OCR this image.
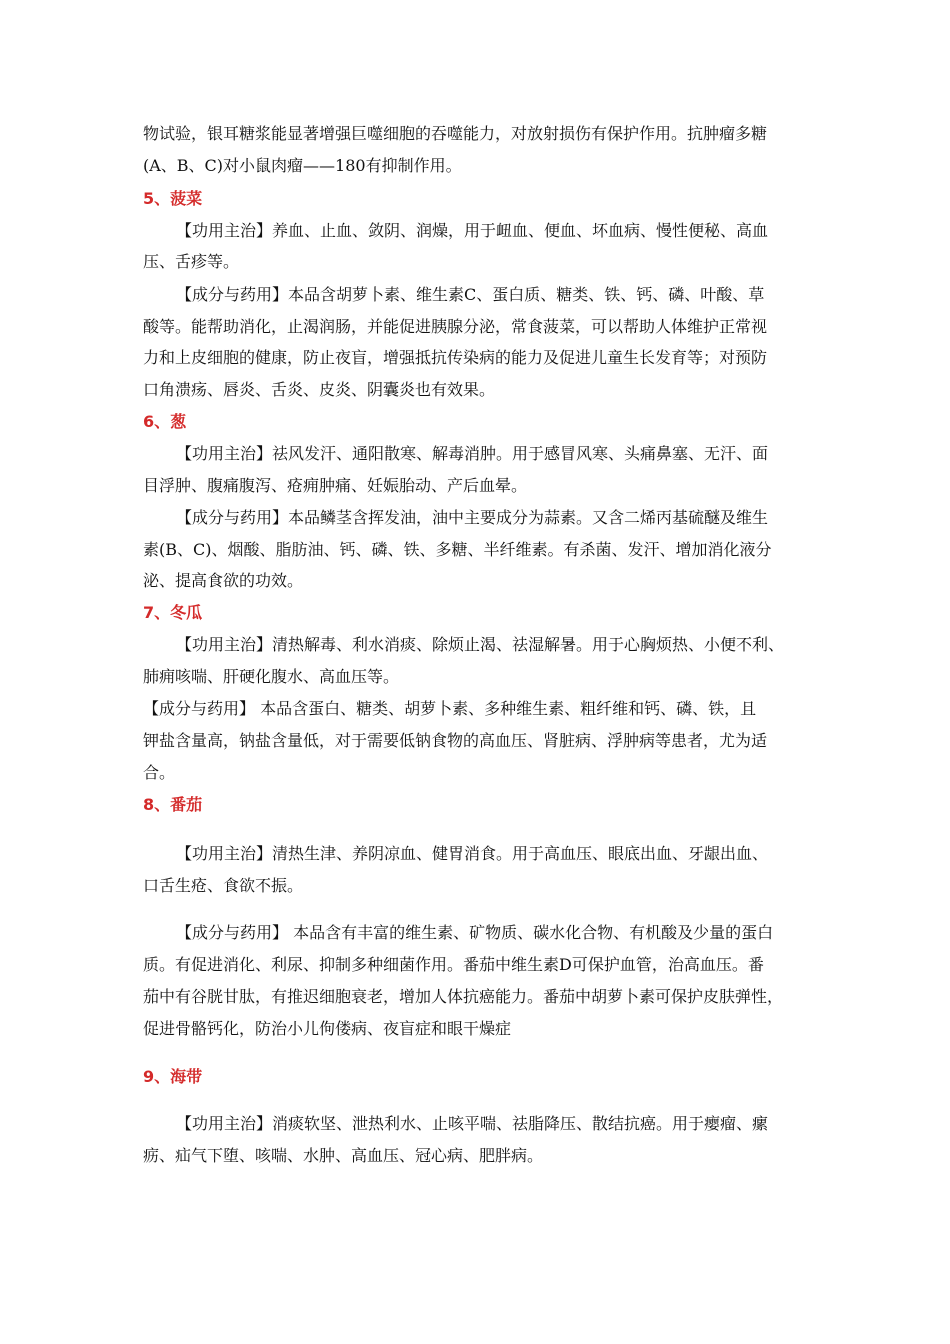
物试验，银耳糖浆能显著增强巨噬细胞的吞噬能力，对放射损伤有保护作用。抗肿瘤多糖
(A、B、C)对小鼠肉瘤——180有抑制作用。
5、菠菜
【功用主治】养血、止血、敛阴、润燥，用于衄血、便血、坏血病、慢性便秘、高血
压、舌疹等。
【成分与药用】本品含胡萝卜素、维生素C、蛋白质、糖类、铁、钙、磷、叶酸、草
酸等。能帮助消化，止渴润肠，并能促进胰腺分泌，常食菠菜，可以帮助人体维护正常视
力和上皮细胞的健康，防止夜盲，增强抵抗传染病的能力及促进儿童生长发育等；对预防
口角溃疡、唇炎、舌炎、皮炎、阴囊炎也有效果。
6、葱
【功用主治】祛风发汗、通阳散寒、解毒消肿。用于感冒风寒、头痛鼻塞、无汗、面
目浮肿、腹痛腹泻、疮痈肿痛、妊娠胎动、产后血晕。
【成分与药用】本品鳞茎含挥发油，油中主要成分为蒜素。又含二烯丙基硫醚及维生
素(B、C)、烟酸、脂肪油、钙、磷、铁、多糖、半纤维素。有杀菌、发汗、增加消化液分
泌、提高食欲的功效。
7、冬瓜
【功用主治】清热解毒、利水消痰、除烦止渴、祛湿解暑。用于心胸烦热、小便不利、
肺痈咳喘、肝硬化腹水、高血压等。
【成分与药用】 本品含蛋白、糖类、胡萝卜素、多种维生素、粗纤维和钙、磷、铁，且
钾盐含量高，钠盐含量低，对于需要低钠食物的高血压、肾脏病、浮肿病等患者，尤为适
合。
8、番茄
【功用主治】清热生津、养阴凉血、健胃消食。用于高血压、眼底出血、牙龈出血、
口舌生疮、食欲不振。
【成分与药用】 本品含有丰富的维生素、矿物质、碳水化合物、有机酸及少量的蛋白
质。有促进消化、利尿、抑制多种细菌作用。番茄中维生素D可保护血管，治高血压。番
茄中有谷胱甘肽，有推迟细胞衰老，增加人体抗癌能力。番茄中胡萝卜素可保护皮肤弹性，
促进骨骼钙化，防治小儿佝偻病、夜盲症和眼干燥症
9、海带
【功用主治】消痰软坚、泄热利水、止咳平喘、祛脂降压、散结抗癌。用于瘿瘤、瘰
疬、疝气下堕、咳喘、水肿、高血压、冠心病、肥胖病。
